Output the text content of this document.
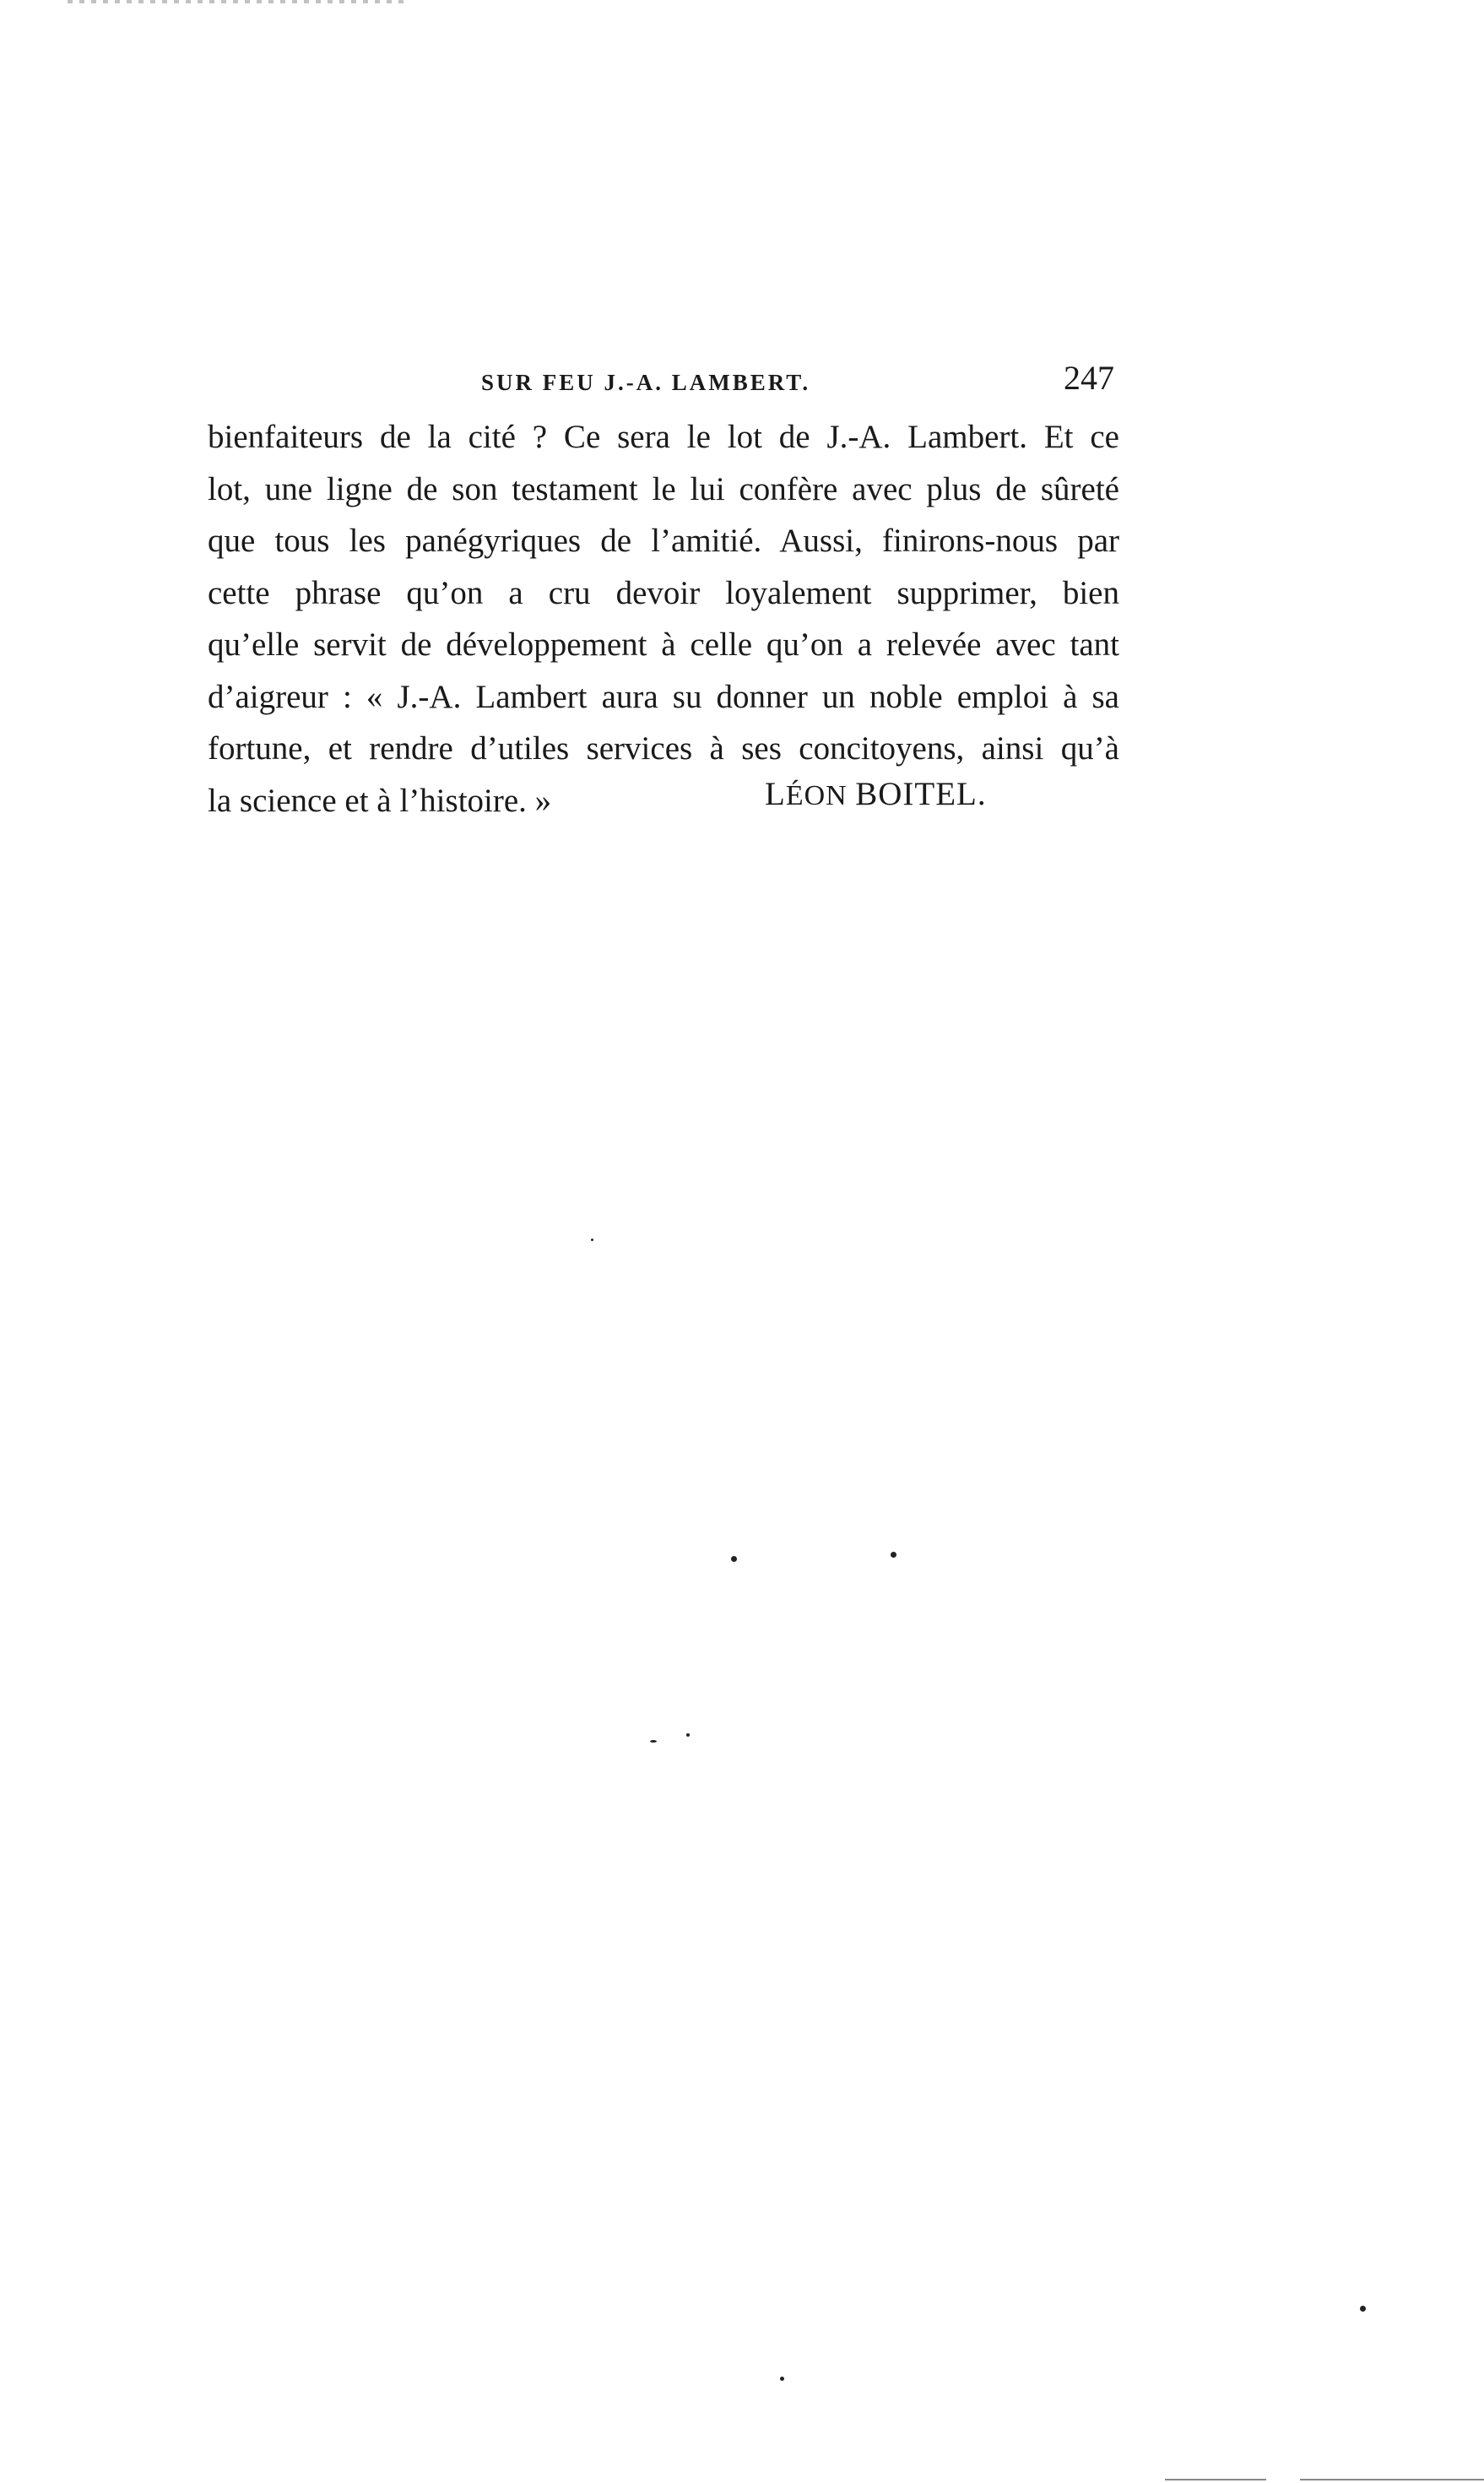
SUR FEU J.-A. LAMBERT.	247
bienfaiteurs de la cité ? Ce sera le lot de J.-A. Lambert. Et ce
lot, une ligne de son testament le lui confère avec plus de sûreté
que tous les panégyriques de l’amitié. Aussi, finirons-nous par
cette phrase qu’on a cru devoir loyalement supprimer, bien
qu’elle servit de développement à celle qu’on a relevée avec tant
d’aigreur : « J.-A. Lambert aura su donner un noble emploi à sa
fortune, et rendre d’utiles services à ses concitoyens, ainsi qu’à
la science et à l’histoire. »	LÉON BOITEL.
